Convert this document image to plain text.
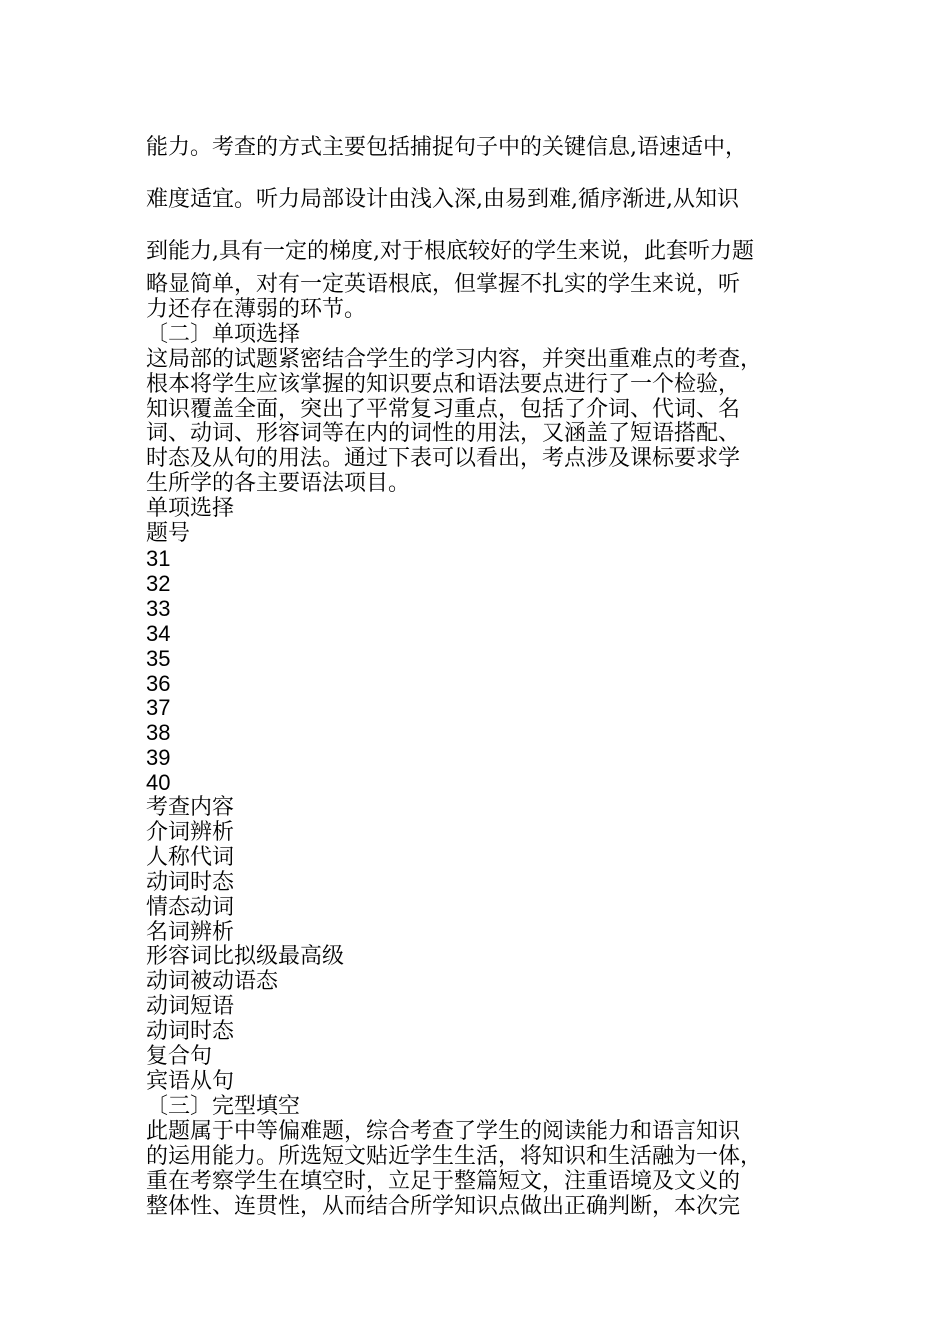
能力。考查的方式主要包括捕捉句子中的关键信息,语速适中，

难度适宜。听力局部设计由浅入深,由易到难,循序渐进,从知识

到能力,具有一定的梯度,对于根底较好的学生来说，此套听力题

略显简单，对有一定英语根底，但掌握不扎实的学生来说，听

力还存在薄弱的环节。

〔二〕单项选择

这局部的试题紧密结合学生的学习内容，并突出重难点的考查，

根本将学生应该掌握的知识要点和语法要点进行了一个检验，

知识覆盖全面，突出了平常复习重点，包括了介词、代词、名

词、动词、形容词等在内的词性的用法，又涵盖了短语搭配、

时态及从句的用法。通过下表可以看出，考点涉及课标要求学

生所学的各主要语法项目。

单项选择

题号

31

32

33

34

35

36

37

38

39

40

考查内容

介词辨析

人称代词

动词时态

情态动词

名词辨析

形容词比拟级最高级

动词被动语态

动词短语

动词时态

复合句

宾语从句

〔三〕完型填空

此题属于中等偏难题，综合考查了学生的阅读能力和语言知识

的运用能力。所选短文贴近学生生活，将知识和生活融为一体，

重在考察学生在填空时，立足于整篇短文，注重语境及文义的

整体性、连贯性，从而结合所学知识点做出正确判断，本次完
